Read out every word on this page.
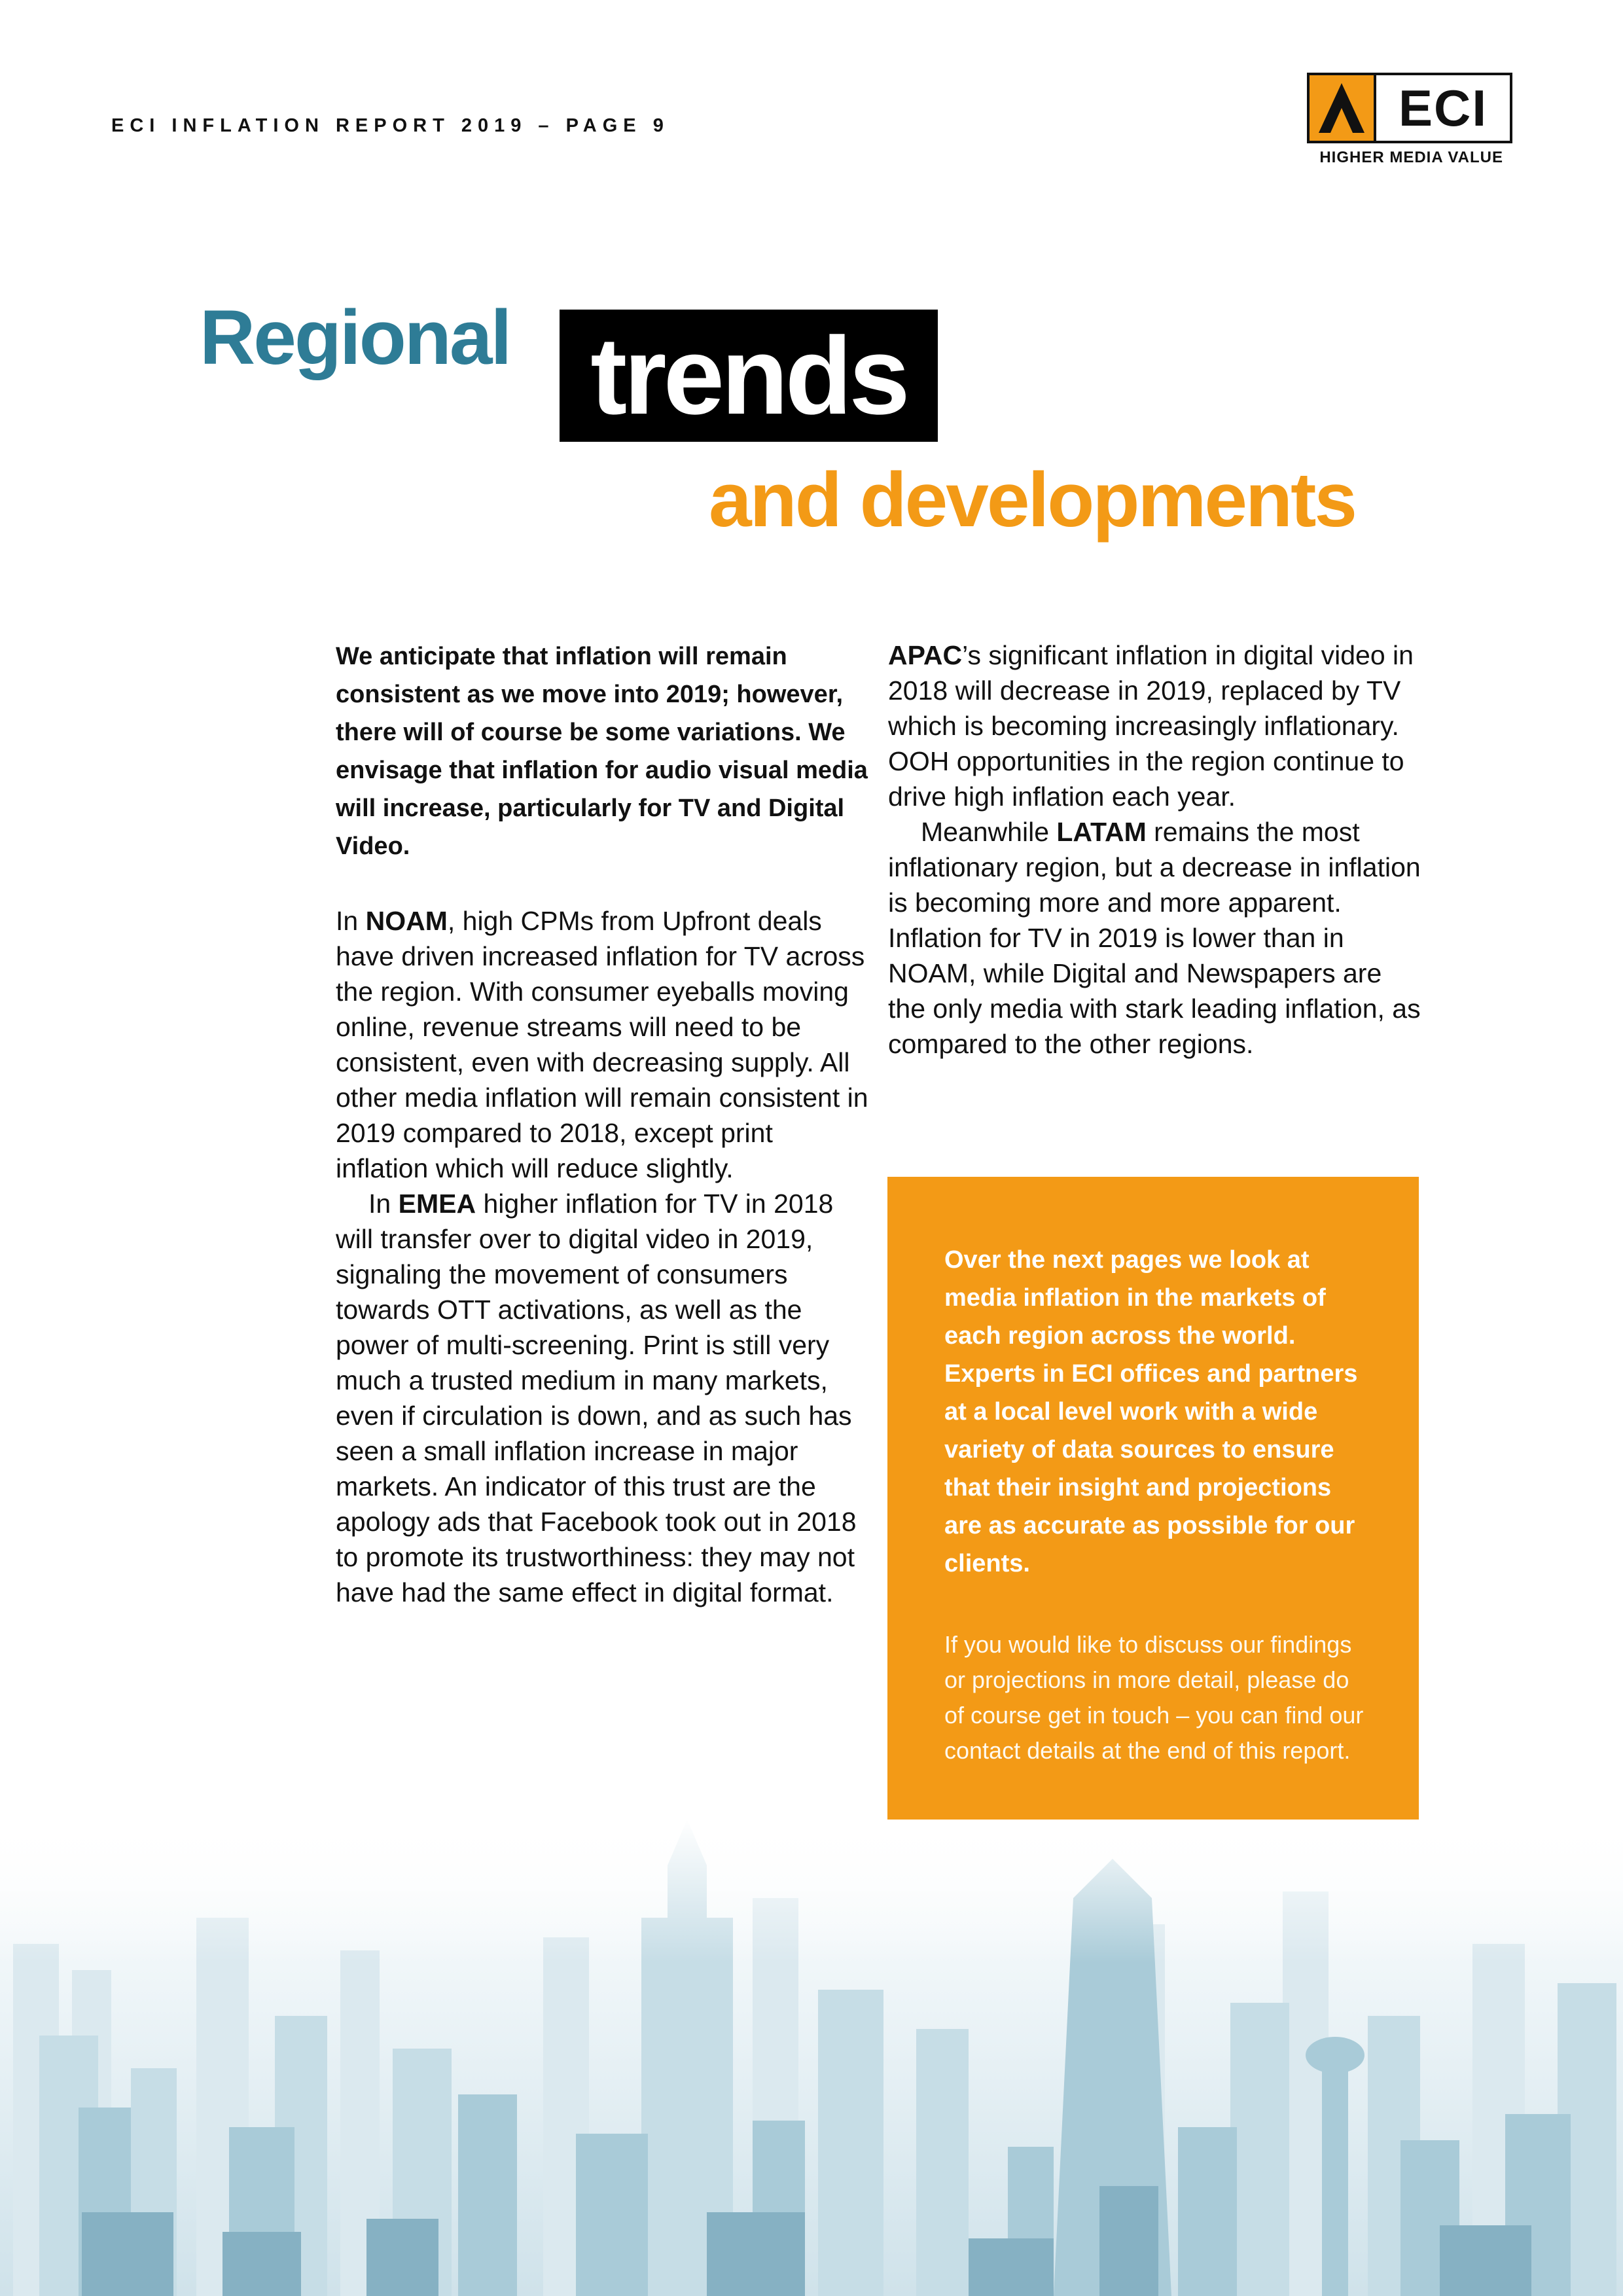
ECI INFLATION REPORT 2019 – PAGE 9	ECI
HIGHER MEDIA VALUE
Regional trends
and developments

We anticipate that inflation will remain consistent as we move into 2019; however, there will of course be some variations. We envisage that inflation for audio visual media will increase, particularly for TV and Digital Video.

In NOAM, high CPMs from Upfront deals have driven increased inflation for TV across the region. With consumer eyeballs moving online, revenue streams will need to be consistent, even with decreasing supply. All other media inflation will remain consistent in 2019 compared to 2018, except print inflation which will reduce slightly.

In EMEA higher inflation for TV in 2018 will transfer over to digital video in 2019, signaling the movement of consumers towards OTT activations, as well as the power of multi-screening. Print is still very much a trusted medium in many markets, even if circulation is down, and as such has seen a small inflation increase in major markets. An indicator of this trust are the apology ads that Facebook took out in 2018 to promote its trustworthiness: they may not have had the same effect in digital format.

APAC’s significant inflation in digital video in 2018 will decrease in 2019, replaced by TV which is becoming increasingly inflationary. OOH opportunities in the region continue to drive high inflation each year.

Meanwhile LATAM remains the most inflationary region, but a decrease in inflation is becoming more and more apparent. Inflation for TV in 2019 is lower than in NOAM, while Digital and Newspapers are the only media with stark leading inflation, as compared to the other regions.

Over the next pages we look at media inflation in the markets of each region across the world. Experts in ECI offices and partners at a local level work with a wide variety of data sources to ensure that their insight and projections are as accurate as possible for our clients.

If you would like to discuss our findings or projections in more detail, please do of course get in touch – you can find our contact details at the end of this report.
